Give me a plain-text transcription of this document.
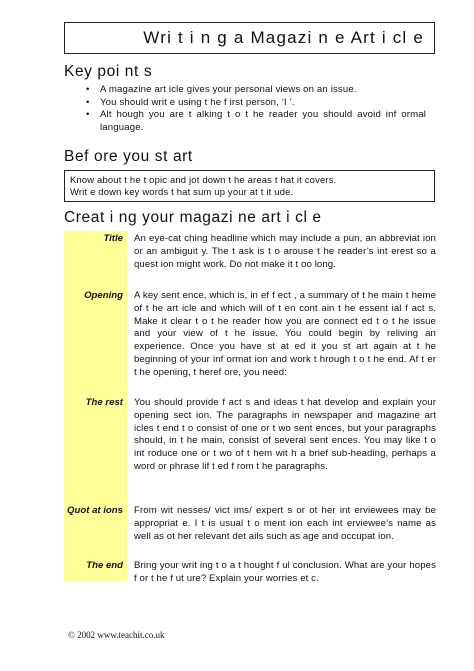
Wri t i n g a Magazi n e Art i cl e
Key poi nt s
• A magazine art icle gives your personal views on an issue.
• You should writ e using t he f irst person, ‘I ’.
• Alt hough you are t alking t o t he reader you should avoid inf ormal language.
Bef ore you st art
Know about t he t opic and jot down t he areas t hat it covers.
Writ e down key words t hat sum up your at t it ude.
Creat i ng your magazi ne art i cl e
Title An eye-cat ching headline which may include a pun, an abbreviat ion or an ambiguit y. The t ask is t o arouse t he reader’s int erest so a quest ion might work. Do not make it t oo long.
Opening A key sent ence, which is, in ef f ect , a summary of t he main t heme of t he art icle and which will of t en cont ain t he essent ial f act s. Make it clear t o t he reader how you are connect ed t o t he issue and your view of t he issue. You could begin by reliving an experience. Once you have st at ed it you st art again at t he beginning of your inf ormat ion and work t hrough t o t he end. Af t er t he opening, t heref ore, you need:
The rest You should provide f act s and ideas t hat develop and explain your opening sect ion. The paragraphs in newspaper and magazine art icles t end t o consist of one or t wo sent ences, but your paragraphs should, in t he main, consist of several sent ences. You may like t o int roduce one or t wo of t hem wit h a brief sub-heading, perhaps a word or phrase lif t ed f rom t he paragraphs.
Quot at ions From wit nesses/ vict ims/ expert s or ot her int erviewees may be appropriat e. I t is usual t o ment ion each int erviewee’s name as well as ot her relevant det ails such as age and occupat ion.
The end Bring your writ ing t o a t hought f ul conclusion. What are your hopes f or t he f ut ure? Explain your worries et c.
© 2002 www.teachit.co.uk
